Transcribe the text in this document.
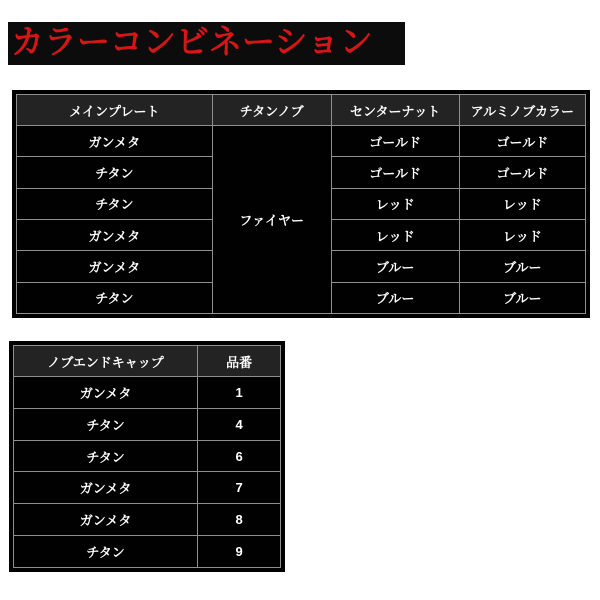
カラーコンビネーション
メインプレート	チタンノブ	センターナット	アルミノブカラー
ガンメタ	ファイヤー	ゴールド	ゴールド
チタン		ゴールド	ゴールド
チタン		レッド	レッド
ガンメタ		レッド	レッド
ガンメタ		ブルー	ブルー
チタン		ブルー	ブルー
ノブエンドキャップ	品番
ガンメタ	1
チタン	4
チタン	6
ガンメタ	7
ガンメタ	8
チタン	9
